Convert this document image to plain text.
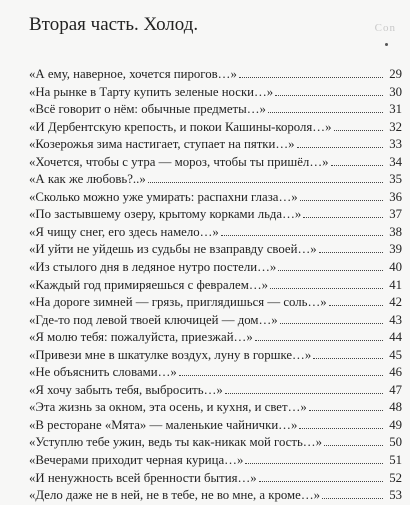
Con
Вторая часть. Холод.
«А ему, наверное, хочется пирогов…»	29
«На рынке в Тарту купить зеленые носки…»	30
«Всё говорит о нём: обычные предметы…»	31
«И Дербентскую крепость, и покои Кашины-короля…»	32
«Козерожья зима настигает, ступает на пятки…»	33
«Хочется, чтобы с утра — мороз, чтобы ты пришёл…»	34
«А как же любовь?..»	35
«Сколько можно уже умирать: распахни глаза…»	36
«По застывшему озеру, крытому корками льда…»	37
«Я чищу снег, его здесь намело…»	38
«И уйти не уйдешь из судьбы не взаправду своей…»	39
«Из стылого дня в ледяное нутро постели…»	40
«Каждый год примиряешься с февралем…»	41
«На дороге зимней — грязь, приглядишься — соль…»	42
«Где-то под левой твоей ключицей — дом…»	43
«Я молю тебя: пожалуйста, приезжай…»	44
«Привези мне в шкатулке воздух, луну в горшке…»	45
«Не объяснить словами…»	46
«Я хочу забыть тебя, выбросить…»	47
«Эта жизнь за окном, эта осень, и кухня, и свет…»	48
«В ресторане «Мята» — маленькие чайнички…»	49
«Уступлю тебе ужин, ведь ты как-никак мой гость…»	50
«Вечерами приходит черная курица…»	51
«И ненужность всей бренности бытия…»	52
«Дело даже не в ней, не в тебе, не во мне, а кроме…»	53
